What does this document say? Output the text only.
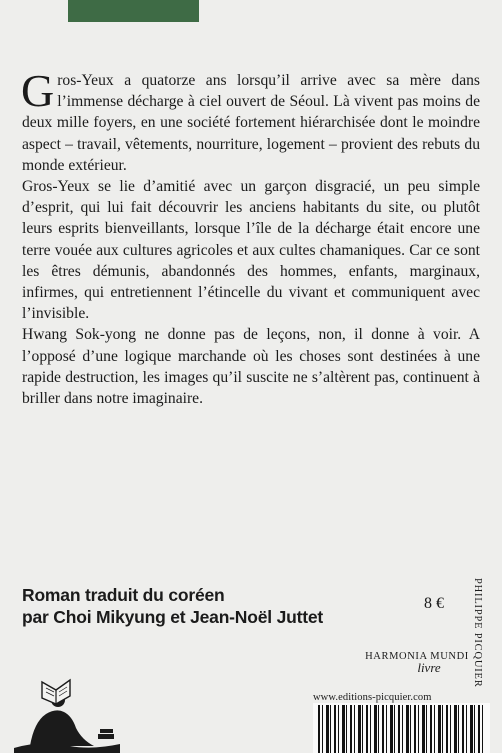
Gros-Yeux a quatorze ans lorsqu’il arrive avec sa mère dans l’immense décharge à ciel ouvert de Séoul. Là vivent pas moins de deux mille foyers, en une société fortement hiérarchisée dont le moindre aspect – travail, vêtements, nourriture, logement – provient des rebuts du monde extérieur.

Gros-Yeux se lie d’amitié avec un garçon disgracié, un peu simple d’esprit, qui lui fait découvrir les anciens habitants du site, ou plutôt leurs esprits bienveillants, lorsque l’île de la décharge était encore une terre vouée aux cultures agricoles et aux cultes chamaniques. Car ce sont les êtres démunis, abandonnés des hommes, enfants, marginaux, infirmes, qui entretiennent l’étincelle du vivant et communiquent avec l’invisible.

Hwang Sok-yong ne donne pas de leçons, non, il donne à voir. A l’opposé d’une logique marchande où les choses sont destinées à une rapide destruction, les images qu’il suscite ne s’altèrent pas, continuent à briller dans notre imaginaire.

Roman traduit du coréen
par Choi Mikyung et Jean-Noël Juttet	PHILIPPE PICQUIER
8 €
HARMONIA MUNDI
livre
www.editions-picquier.com
